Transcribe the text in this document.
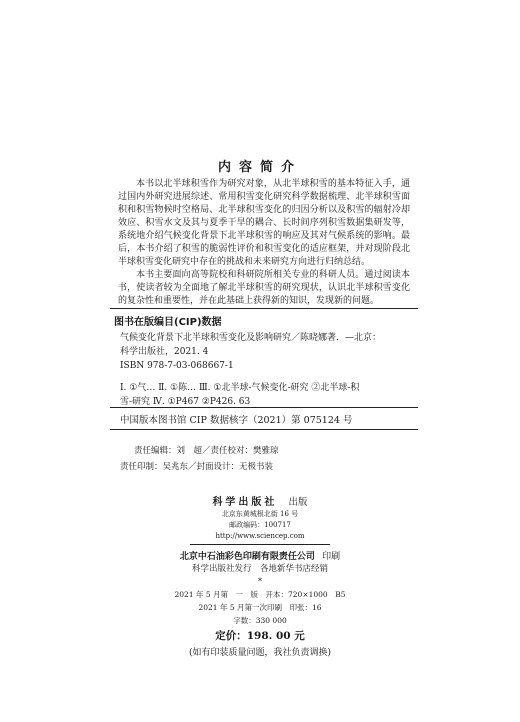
内容简介

本书以北半球积雪作为研究对象，从北半球积雪的基本特征入手，通过国内外研究进展综述、常用积雪变化研究科学数据梳理、北半球积雪面积和积雪物候时空格局、北半球积雪变化的归因分析以及积雪的辐射冷却效应、积雪水文及其与夏季干旱的耦合、长时间序列积雪数据集研发等，系统地介绍气候变化背景下北半球积雪的响应及其对气候系统的影响。最后，本书介绍了积雪的脆弱性评价和积雪变化的适应框架，并对现阶段北半球积雪变化研究中存在的挑战和未来研究方向进行归纳总结。

本书主要面向高等院校和科研院所相关专业的科研人员。通过阅读本书，使读者较为全面地了解北半球积雪的研究现状，认识北半球积雪变化的复杂性和重要性，并在此基础上获得新的知识，发现新的问题。

图书在版编目(CIP)数据
气候变化背景下北半球积雪变化及影响研究／陈晓娜著．—北京：
科学出版社，2021. 4
ISBN 978-7-03-068667-1
Ⅰ. ①气… Ⅱ. ①陈… Ⅲ. ①北半球-气候变化-研究 ②北半球-积
雪-研究 Ⅳ. ①P467 ②P426. 63
中国版本图书馆 CIP 数据核字（2021）第 075124 号
责任编辑：刘　超／责任校对：樊雅琼
责任印制：吴兆东／封面设计：无极书装
科学出版社 出版
北京东黄城根北街 16 号
邮政编码：100717
http://www.sciencep.com
北京中石油彩色印刷有限责任公司 印刷
科学出版社发行　各地新华书店经销
*
2021 年 5 月第　一　版　开本：720×1000　B5
2021 年 5 月第一次印刷　印张：16
字数：330 000
定价：198. 00 元
(如有印装质量问题，我社负责调换)
